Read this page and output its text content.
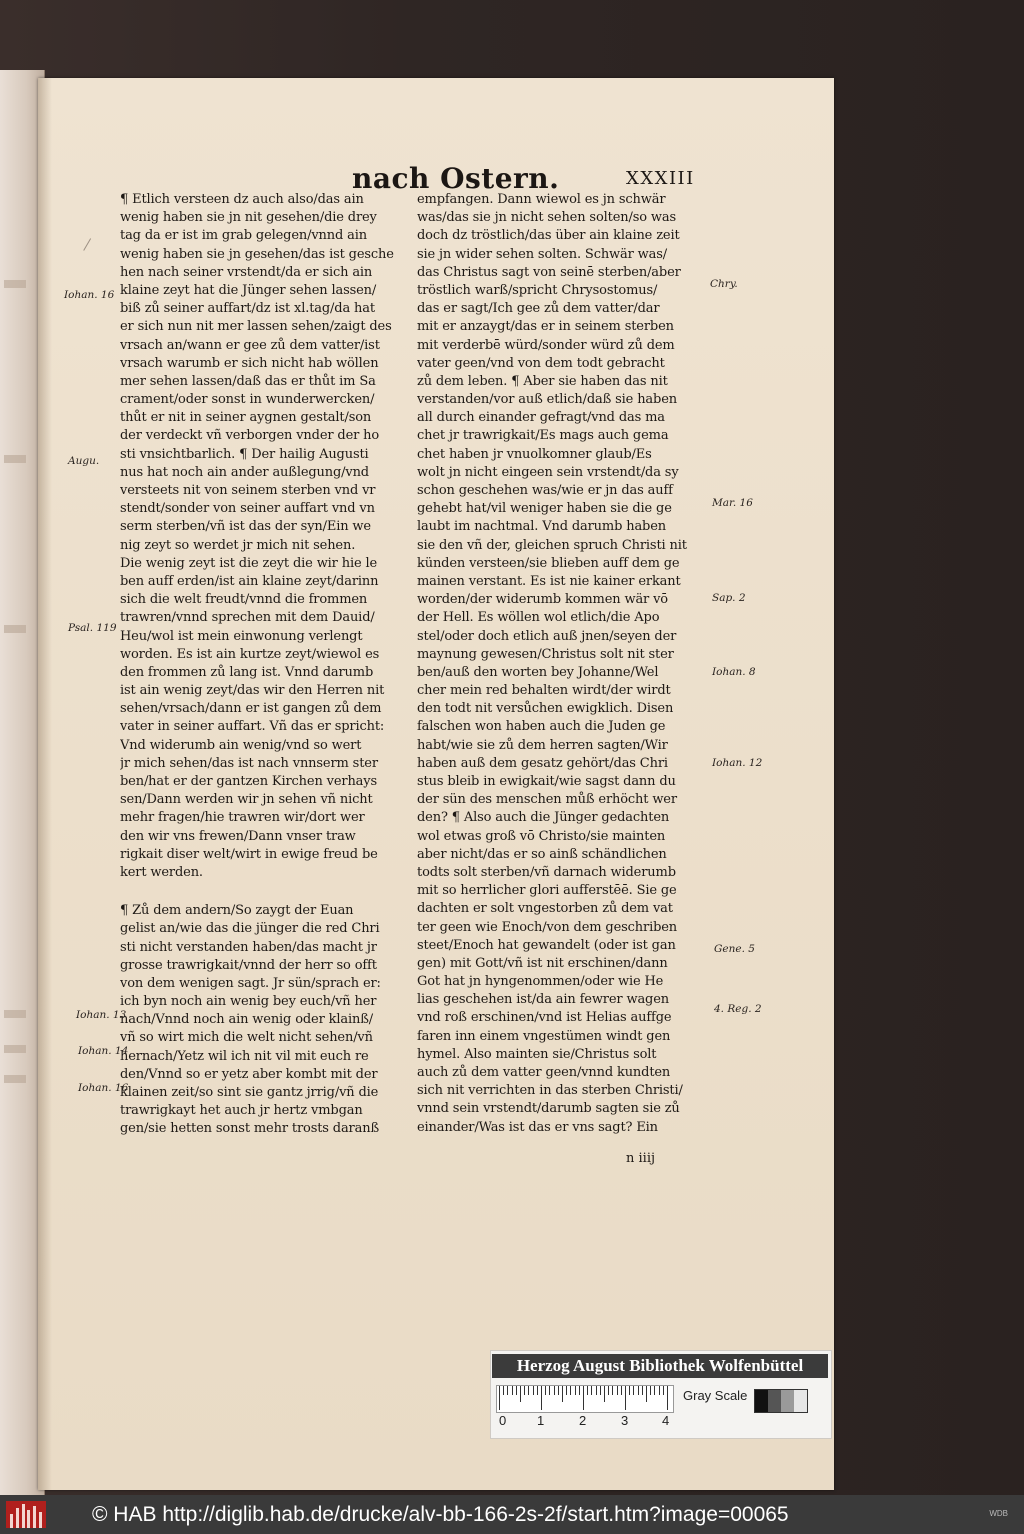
nach Ostern.	XXXIII
¶ Etlich versteen dz auch also/das ain
wenig haben sie jn nit gesehen/die drey
tag da er ist im grab gelegen/vnnd ain
wenig haben sie jn gesehen/das ist gesche
hen nach seiner vrstendt/da er sich ain
klaine zeyt hat die Jünger sehen lassen/
biß zů seiner auffart/dz ist xl.tag/da hat
er sich nun nit mer lassen sehen/zaigt des
vrsach an/wann er gee zů dem vatter/ist
vrsach warumb er sich nicht hab wöllen
mer sehen lassen/daß das er thůt im Sa
crament/oder sonst in wunderwercken/
thůt er nit in seiner aygnen gestalt/son
der verdeckt vñ verborgen vnder der ho
sti vnsichtbarlich. ¶ Der hailig Augusti
nus hat noch ain ander außlegung/vnd
versteets nit von seinem sterben vnd vr
stendt/sonder von seiner auffart vnd vn
serm sterben/vñ ist das der syn/Ein we
nig zeyt so werdet jr mich nit sehen.
Die wenig zeyt ist die zeyt die wir hie le
ben auff erden/ist ain klaine zeyt/darinn
sich die welt freudt/vnnd die frommen
trawren/vnnd sprechen mit dem Dauid/
Heu/wol ist mein einwonung verlengt
worden. Es ist ain kurtze zeyt/wiewol es
den frommen zů lang ist. Vnnd darumb
ist ain wenig zeyt/das wir den Herren nit
sehen/vrsach/dann er ist gangen zů dem
vater in seiner auffart. Vñ das er spricht:
Vnd widerumb ain wenig/vnd so wert
jr mich sehen/das ist nach vnnserm ster
ben/hat er der gantzen Kirchen verhays
sen/Dann werden wir jn sehen vñ nicht
mehr fragen/hie trawren wir/dort wer
den wir vns frewen/Dann vnser traw
rigkait diser welt/wirt in ewige freud be
kert werden.
¶ Zů dem andern/So zaygt der Euan
gelist an/wie das die jünger die red Chri
sti nicht verstanden haben/das macht jr
grosse trawrigkait/vnnd der herr so offt
von dem wenigen sagt. Jr sün/sprach er:
ich byn noch ain wenig bey euch/vñ her
nach/Vnnd noch ain wenig oder klainß/
vñ so wirt mich die welt nicht sehen/vñ
hernach/Yetz wil ich nit vil mit euch re
den/Vnnd so er yetz aber kombt mit der
klainen zeit/so sint sie gantz jrrig/vñ die
trawrigkayt het auch jr hertz vmbgan
gen/sie hetten sonst mehr trosts daranß
empfangen. Dann wiewol es jn schwär
was/das sie jn nicht sehen solten/so was
doch dz tröstlich/das über ain klaine zeit
sie jn wider sehen solten. Schwär was/
das Christus sagt von seinē sterben/aber
tröstlich warß/spricht Chrysostomus/
das er sagt/Ich gee zů dem vatter/dar
mit er anzaygt/das er in seinem sterben
mit verderbē würd/sonder würd zů dem
vater geen/vnd von dem todt gebracht
zů dem leben. ¶ Aber sie haben das nit
verstanden/vor auß etlich/daß sie haben
all durch einander gefragt/vnd das ma
chet jr trawrigkait/Es mags auch gema
chet haben jr vnuolkomner glaub/Es
wolt jn nicht eingeen sein vrstendt/da sy
schon geschehen was/wie er jn das auff
gehebt hat/vil weniger haben sie die ge
laubt im nachtmal. Vnd darumb haben
sie den vñ der, gleichen spruch Christi nit
künden versteen/sie blieben auff dem ge
mainen verstant. Es ist nie kainer erkant
worden/der widerumb kommen wär vō
der Hell. Es wöllen wol etlich/die Apo
stel/oder doch etlich auß jnen/seyen der
maynung gewesen/Christus solt nit ster
ben/auß den worten bey Johanne/Wel
cher mein red behalten wirdt/der wirdt
den todt nit versůchen ewigklich. Disen
falschen won haben auch die Juden ge
habt/wie sie zů dem herren sagten/Wir
haben auß dem gesatz gehört/das Chri
stus bleib in ewigkait/wie sagst dann du
der sün des menschen můß erhöcht wer
den? ¶ Also auch die Jünger gedachten
wol etwas groß vō Christo/sie mainten
aber nicht/das er so ainß schändlichen
todts solt sterben/vñ darnach widerumb
mit so herrlicher glori aufferstēē. Sie ge
dachten er solt vngestorben zů dem vat
ter geen wie Enoch/von dem geschriben
steet/Enoch hat gewandelt (oder ist gan
gen) mit Gott/vñ ist nit erschinen/dann
Got hat jn hyngenommen/oder wie He
lias geschehen ist/da ain fewrer wagen
vnd roß erschinen/vnd ist Helias auffge
faren inn einem vngestümen windt gen
hymel. Also mainten sie/Christus solt
auch zů dem vatter geen/vnnd kundten
sich nit verrichten in das sterben Christi/
vnnd sein vrstendt/darumb sagten sie zů
einander/Was ist das er vns sagt? Ein
n iiij
Iohan. 16
Augu.
Psal. 119
Iohan. 13
Iohan. 14
Iohan. 16
Chry.
Mar. 16
Sap. 2
Iohan. 8
Iohan. 12
Gene. 5
4. Reg. 2
Herzog August Bibliothek Wolfenbüttel
0 1	2	3	4
Gray Scale
© HAB http://diglib.hab.de/drucke/alv-bb-166-2s-2f/start.htm?image=00065	WDB
